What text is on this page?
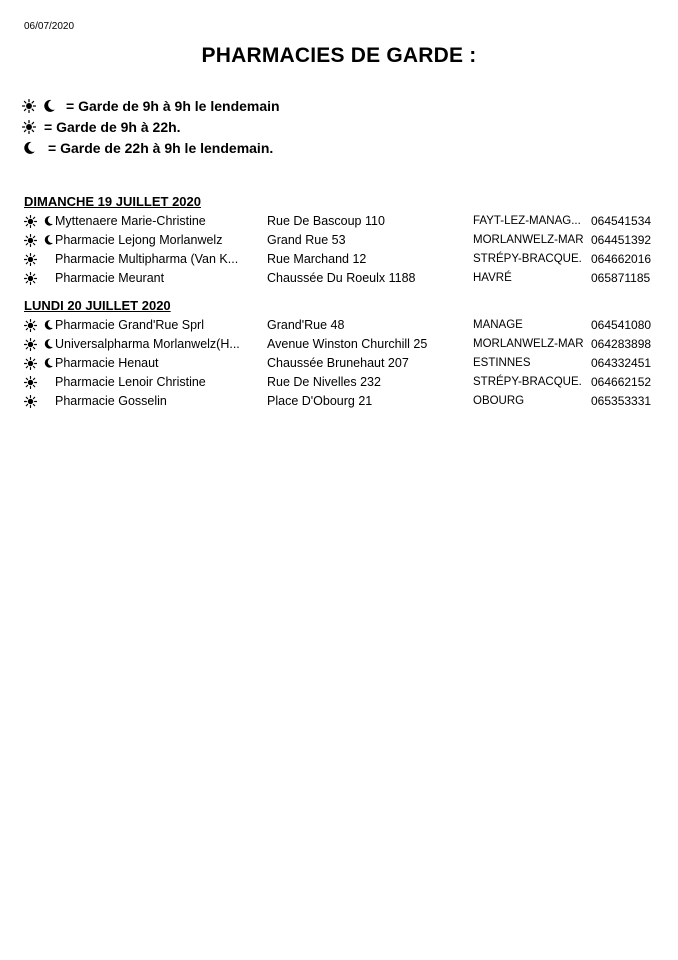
06/07/2020
PHARMACIES DE GARDE :
= Garde de 9h à 9h le lendemain
= Garde de 9h à 22h.
= Garde de 22h à 9h le lendemain.
DIMANCHE 19 JUILLET 2020
Myttenaere Marie-Christine	Rue De Bascoup 110	FAYT-LEZ-MANAG... 064541534
Pharmacie Lejong Morlanwelz	Grand Rue 53	MORLANWELZ-MAR 064451392
Pharmacie Multipharma (Van K...	Rue Marchand 12	STRÉPY-BRACQUE. 064662016
Pharmacie Meurant	Chaussée Du Roeulx 1188	HAVRÉ	065871185
LUNDI 20 JUILLET 2020
Pharmacie Grand'Rue Sprl	Grand'Rue 48	MANAGE	064541080
Universalpharma Morlanwelz(H...	Avenue Winston Churchill 25	MORLANWELZ-MAR 064283898
Pharmacie Henaut	Chaussée Brunehaut 207	ESTINNES	064332451
Pharmacie Lenoir Christine	Rue De Nivelles 232	STRÉPY-BRACQUE. 064662152
Pharmacie Gosselin	Place D'Obourg 21	OBOURG	065353331
